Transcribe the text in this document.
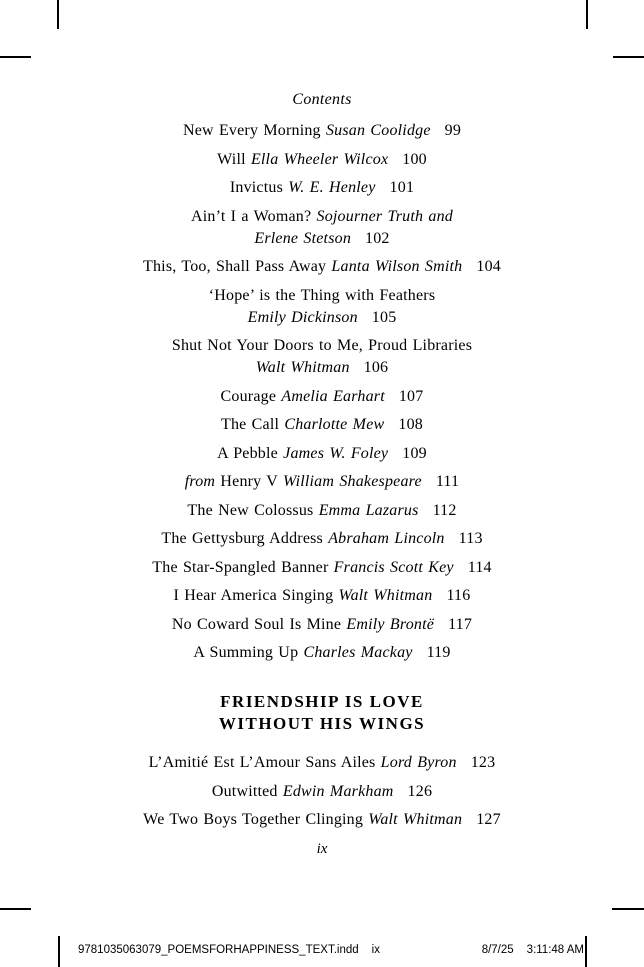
Contents
New Every Morning Susan Coolidge 99
Will Ella Wheeler Wilcox 100
Invictus W. E. Henley 101
Ain’t I a Woman? Sojourner Truth and
Erlene Stetson 102
This, Too, Shall Pass Away Lanta Wilson Smith 104
‘Hope’ is the Thing with Feathers
Emily Dickinson 105
Shut Not Your Doors to Me, Proud Libraries
Walt Whitman 106
Courage Amelia Earhart 107
The Call Charlotte Mew 108
A Pebble James W. Foley 109
from Henry V William Shakespeare 111
The New Colossus Emma Lazarus 112
The Gettysburg Address Abraham Lincoln 113
The Star-Spangled Banner Francis Scott Key 114
I Hear America Singing Walt Whitman 116
No Coward Soul Is Mine Emily Brontë 117
A Summing Up Charles Mackay 119
FRIENDSHIP IS LOVE
WITHOUT HIS WINGS
L’Amitié Est L’Amour Sans Ailes Lord Byron 123
Outwitted Edwin Markham 126
We Two Boys Together Clinging Walt Whitman 127
ix
9781035063079_POEMSFORHAPPINESS_TEXT.indd ix	8/7/25 3:11:48 AM
